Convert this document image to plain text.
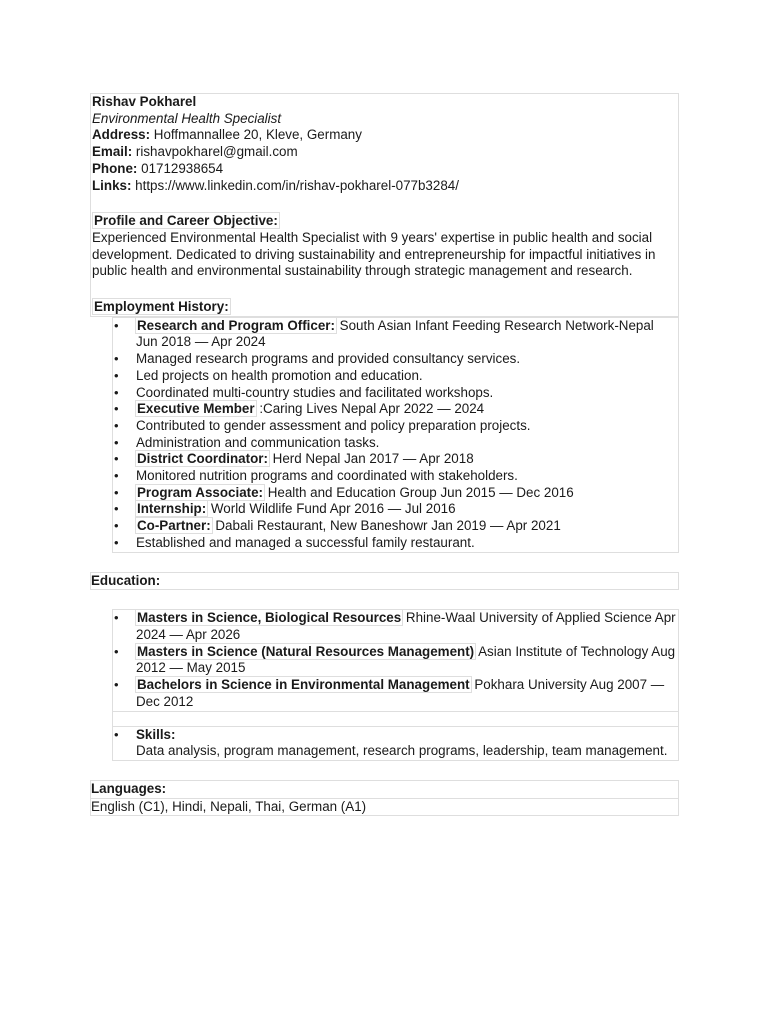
Rishav Pokharel
Environmental Health Specialist
Address: Hoffmannallee 20, Kleve, Germany
Email: rishavpokharel@gmail.com
Phone: 01712938654
Links: https://www.linkedin.com/in/rishav-pokharel-077b3284/
Profile and Career Objective:
Experienced Environmental Health Specialist with 9 years' expertise in public health and social development. Dedicated to driving sustainability and entrepreneurship for impactful initiatives in public health and environmental sustainability through strategic management and research.
Employment History:
• Research and Program Officer: South Asian Infant Feeding Research Network-Nepal Jun 2018 — Apr 2024
• Managed research programs and provided consultancy services.
• Led projects on health promotion and education.
• Coordinated multi-country studies and facilitated workshops.
• Executive Member :Caring Lives Nepal Apr 2022 — 2024
• Contributed to gender assessment and policy preparation projects.
• Administration and communication tasks.
• District Coordinator: Herd Nepal Jan 2017 — Apr 2018
• Monitored nutrition programs and coordinated with stakeholders.
• Program Associate: Health and Education Group Jun 2015 — Dec 2016
• Internship: World Wildlife Fund Apr 2016 — Jul 2016
• Co-Partner: Dabali Restaurant, New Baneshowr Jan 2019 — Apr 2021
• Established and managed a successful family restaurant.
Education:
• Masters in Science, Biological Resources Rhine-Waal University of Applied Science Apr 2024 — Apr 2026
• Masters in Science (Natural Resources Management) Asian Institute of Technology Aug 2012 — May 2015
• Bachelors in Science in Environmental Management Pokhara University Aug 2007 — Dec 2012
• Skills:
Data analysis, program management, research programs, leadership, team management.
Languages:
English (C1), Hindi, Nepali, Thai, German (A1)
